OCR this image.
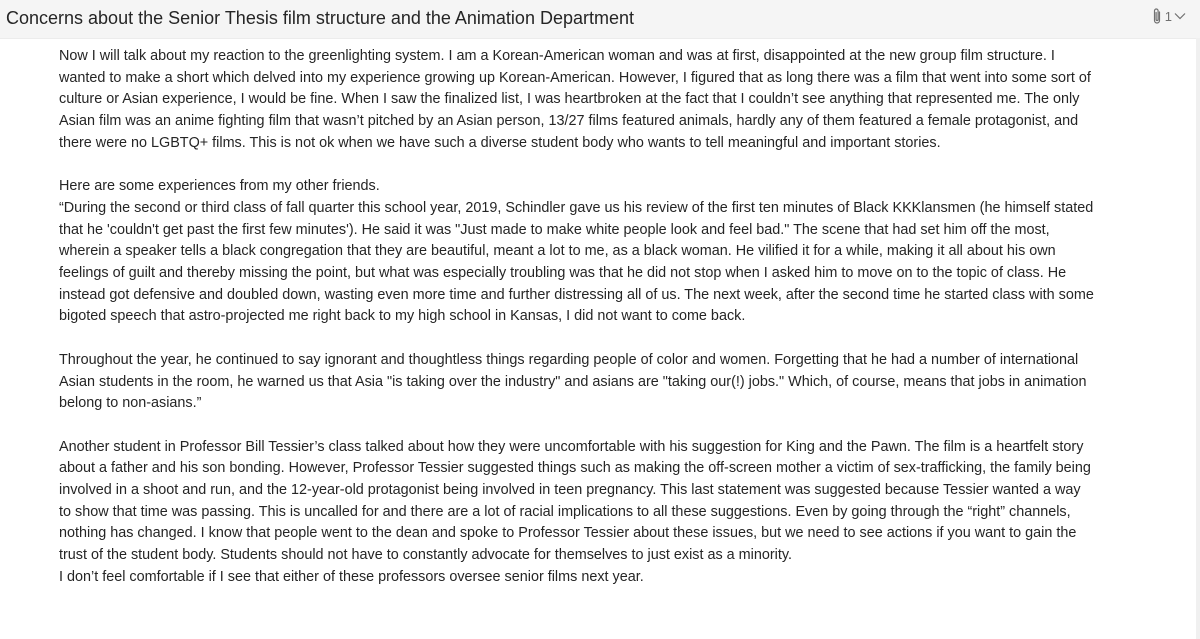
Concerns about the Senior Thesis film structure and the Animation Department	1

Now I will talk about my reaction to the greenlighting system. I am a Korean-American woman and was at first, disappointed at the new group film structure. I

wanted to make a short which delved into my experience growing up Korean-American. However, I figured that as long there was a film that went into some sort of

culture or Asian experience, I would be fine. When I saw the finalized list, I was heartbroken at the fact that I couldn’t see anything that represented me. The only

Asian film was an anime fighting film that wasn’t pitched by an Asian person, 13/27 films featured animals, hardly any of them featured a female protagonist, and

there were no LGBTQ+ films. This is not ok when we have such a diverse student body who wants to tell meaningful and important stories.

Here are some experiences from my other friends.

“During the second or third class of fall quarter this school year, 2019, Schindler gave us his review of the first ten minutes of Black KKKlansmen (he himself stated

that he 'couldn't get past the first few minutes'). He said it was "Just made to make white people look and feel bad." The scene that had set him off the most,

wherein a speaker tells a black congregation that they are beautiful, meant a lot to me, as a black woman. He vilified it for a while, making it all about his own

feelings of guilt and thereby missing the point, but what was especially troubling was that he did not stop when I asked him to move on to the topic of class. He

instead got defensive and doubled down, wasting even more time and further distressing all of us. The next week, after the second time he started class with some

bigoted speech that astro-projected me right back to my high school in Kansas, I did not want to come back.

Throughout the year, he continued to say ignorant and thoughtless things regarding people of color and women. Forgetting that he had a number of international

Asian students in the room, he warned us that Asia "is taking over the industry" and asians are "taking our(!) jobs." Which, of course, means that jobs in animation

belong to non-asians.”

Another student in Professor Bill Tessier’s class talked about how they were uncomfortable with his suggestion for King and the Pawn. The film is a heartfelt story

about a father and his son bonding. However, Professor Tessier suggested things such as making the off-screen mother a victim of sex-trafficking, the family being

involved in a shoot and run, and the 12-year-old protagonist being involved in teen pregnancy. This last statement was suggested because Tessier wanted a way

to show that time was passing. This is uncalled for and there are a lot of racial implications to all these suggestions. Even by going through the “right” channels,

nothing has changed. I know that people went to the dean and spoke to Professor Tessier about these issues, but we need to see actions if you want to gain the

trust of the student body. Students should not have to constantly advocate for themselves to just exist as a minority.

I don’t feel comfortable if I see that either of these professors oversee senior films next year.
